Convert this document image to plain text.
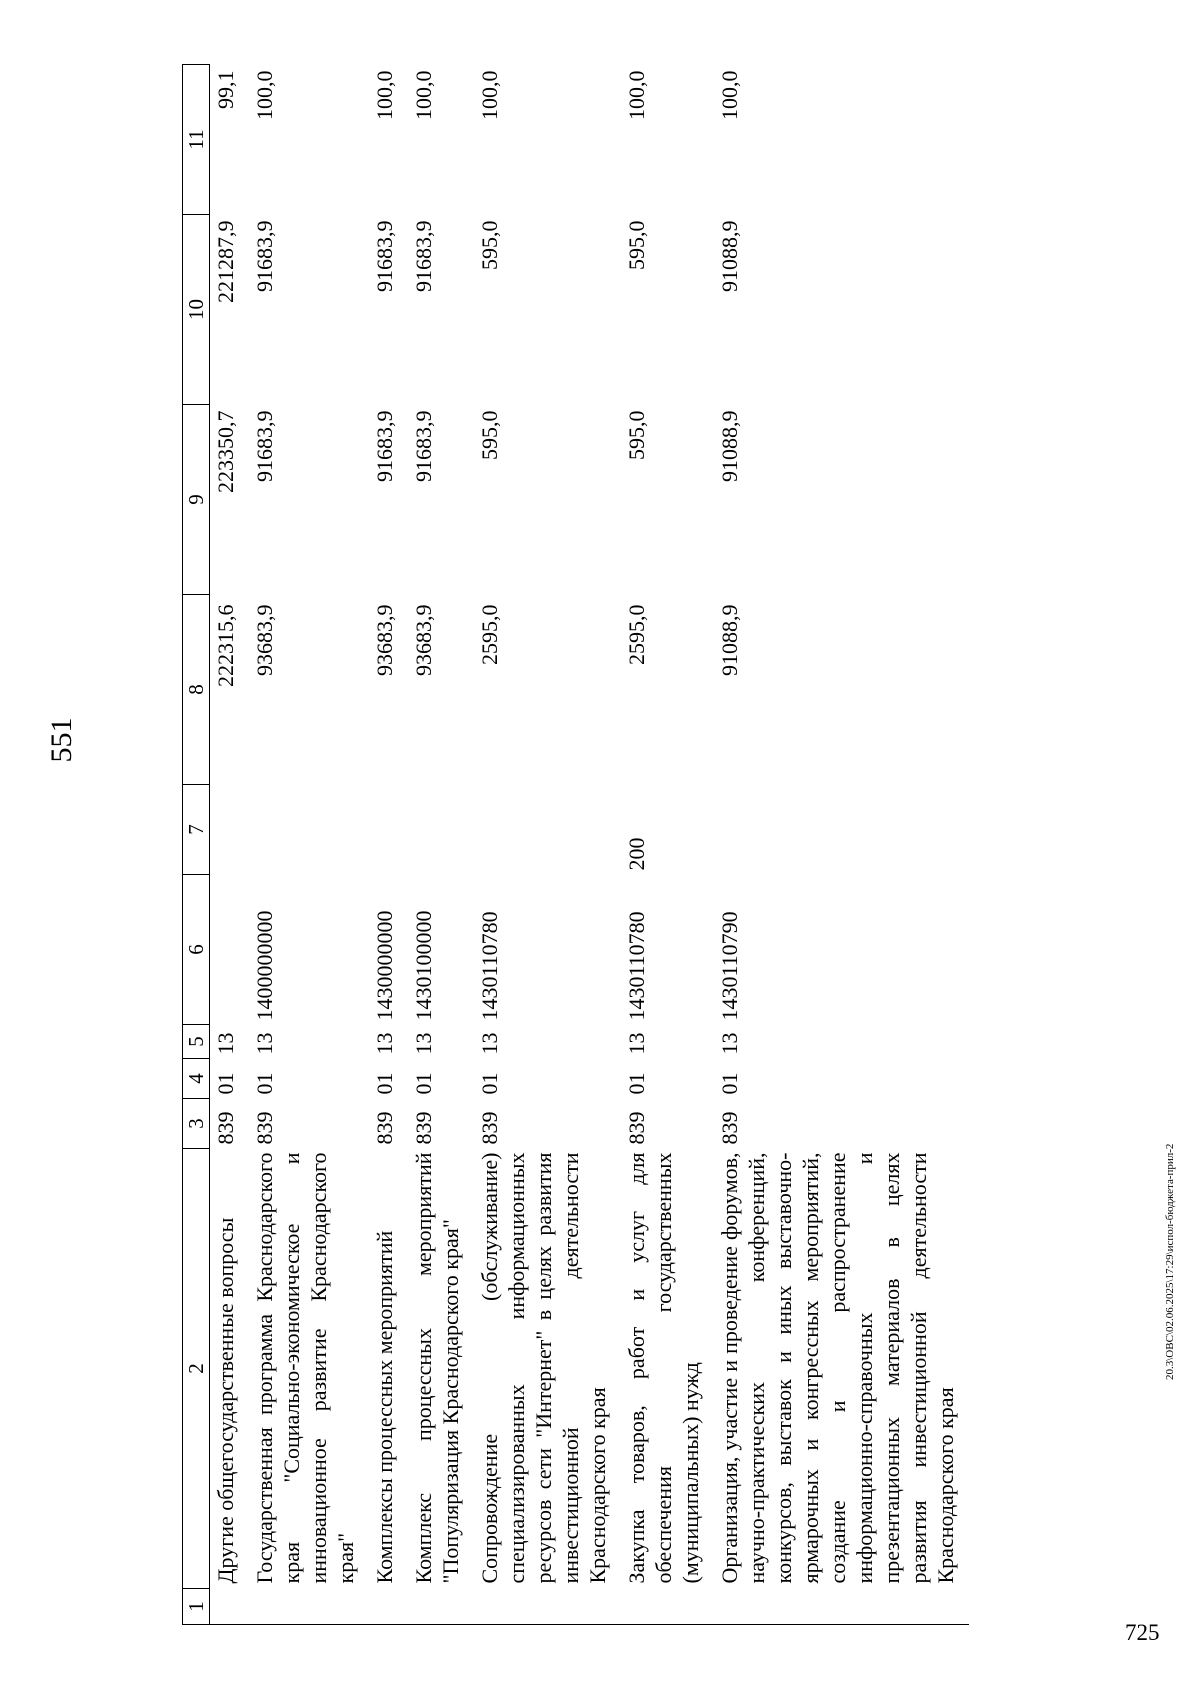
551
1	2	3	4	5	6	7	8	9	10	11
	Другие общегосударственные вопросы	839	01	13			222315,6	223350,7	221287,9	99,1
	Государственная программа Краснодарского края "Социально-экономическое и инновационное развитие Краснодарского края"	839	01	13	1400000000		93683,9	91683,9	91683,9	100,0
	Комплексы процессных мероприятий	839	01	13	1430000000		93683,9	91683,9	91683,9	100,0
	Комплекс процессных мероприятий "Популяризация Краснодарского края"	839	01	13	1430100000		93683,9	91683,9	91683,9	100,0
	Сопровождение (обслуживание) специализированных информационных ресурсов сети "Интернет" в целях развития инвестиционной деятельности Краснодарского края	839	01	13	1430110780		2595,0	595,0	595,0	100,0
	Закупка товаров, работ и услуг для обеспечения государственных (муниципальных) нужд	839	01	13	1430110780	200	2595,0	595,0	595,0	100,0
	Организация, участие и проведение форумов, научно-практических конференций, конкурсов, выставок и иных выставочно-ярмарочных и конгрессных мероприятий, создание и распространение информационно-справочных и презентационных материалов в целях развития инвестиционной деятельности Краснодарского края	839	01	13	1430110790		91088,9	91088,9	91088,9	100,0
20.3\ОВС\02.06.2025\17:29\испол-бюджета-прил-2
725
